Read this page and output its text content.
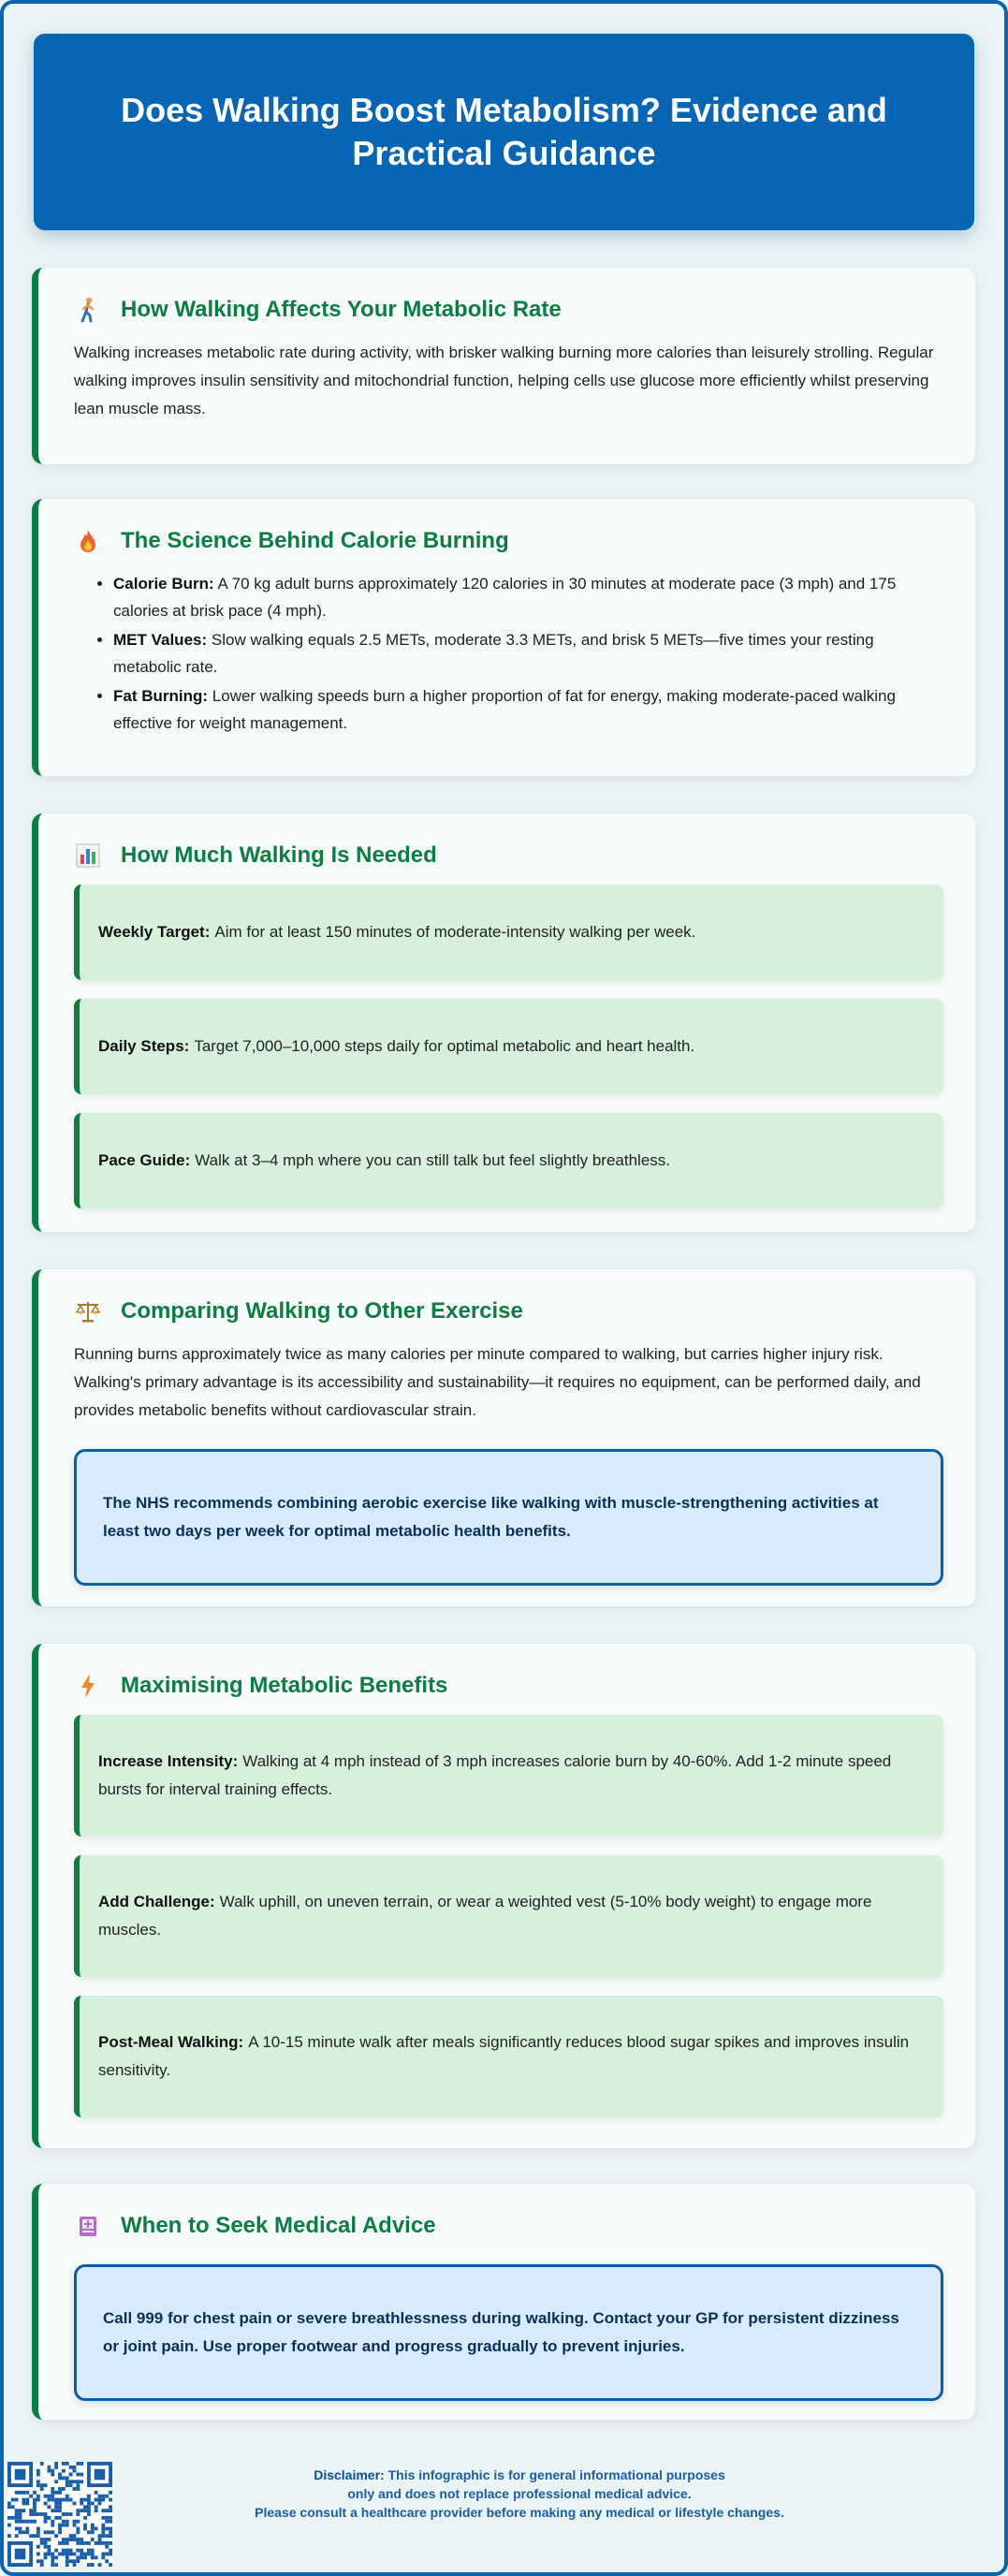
Does Walking Boost Metabolism? Evidence and Practical Guidance
How Walking Affects Your Metabolic Rate

Walking increases metabolic rate during activity, with brisker walking burning more calories than leisurely strolling. Regular walking improves insulin sensitivity and mitochondrial function, helping cells use glucose more efficiently whilst preserving lean muscle mass.

The Science Behind Calorie Burning
• Calorie Burn: A 70 kg adult burns approximately 120 calories in 30 minutes at moderate pace (3 mph) and 175 calories at brisk pace (4 mph).
• MET Values: Slow walking equals 2.5 METs, moderate 3.3 METs, and brisk 5 METs—five times your resting metabolic rate.
• Fat Burning: Lower walking speeds burn a higher proportion of fat for energy, making moderate-paced walking effective for weight management.
How Much Walking Is Needed
Weekly Target: Aim for at least 150 minutes of moderate-intensity walking per week.
Daily Steps: Target 7,000–10,000 steps daily for optimal metabolic and heart health.
Pace Guide: Walk at 3–4 mph where you can still talk but feel slightly breathless.
Comparing Walking to Other Exercise

Running burns approximately twice as many calories per minute compared to walking, but carries higher injury risk. Walking's primary advantage is its accessibility and sustainability—it requires no equipment, can be performed daily, and provides metabolic benefits without cardiovascular strain.

The NHS recommends combining aerobic exercise like walking with muscle-strengthening activities at least two days per week for optimal metabolic health benefits.
Maximising Metabolic Benefits
Increase Intensity: Walking at 4 mph instead of 3 mph increases calorie burn by 40-60%. Add 1-2 minute speed bursts for interval training effects.
Add Challenge: Walk uphill, on uneven terrain, or wear a weighted vest (5-10% body weight) to engage more muscles.
Post-Meal Walking: A 10-15 minute walk after meals significantly reduces blood sugar spikes and improves insulin sensitivity.
When to Seek Medical Advice
Call 999 for chest pain or severe breathlessness during walking. Contact your GP for persistent dizziness or joint pain. Use proper footwear and progress gradually to prevent injuries.
Disclaimer: This infographic is for general informational purposes
only and does not replace professional medical advice.
Please consult a healthcare provider before making any medical or lifestyle changes.
